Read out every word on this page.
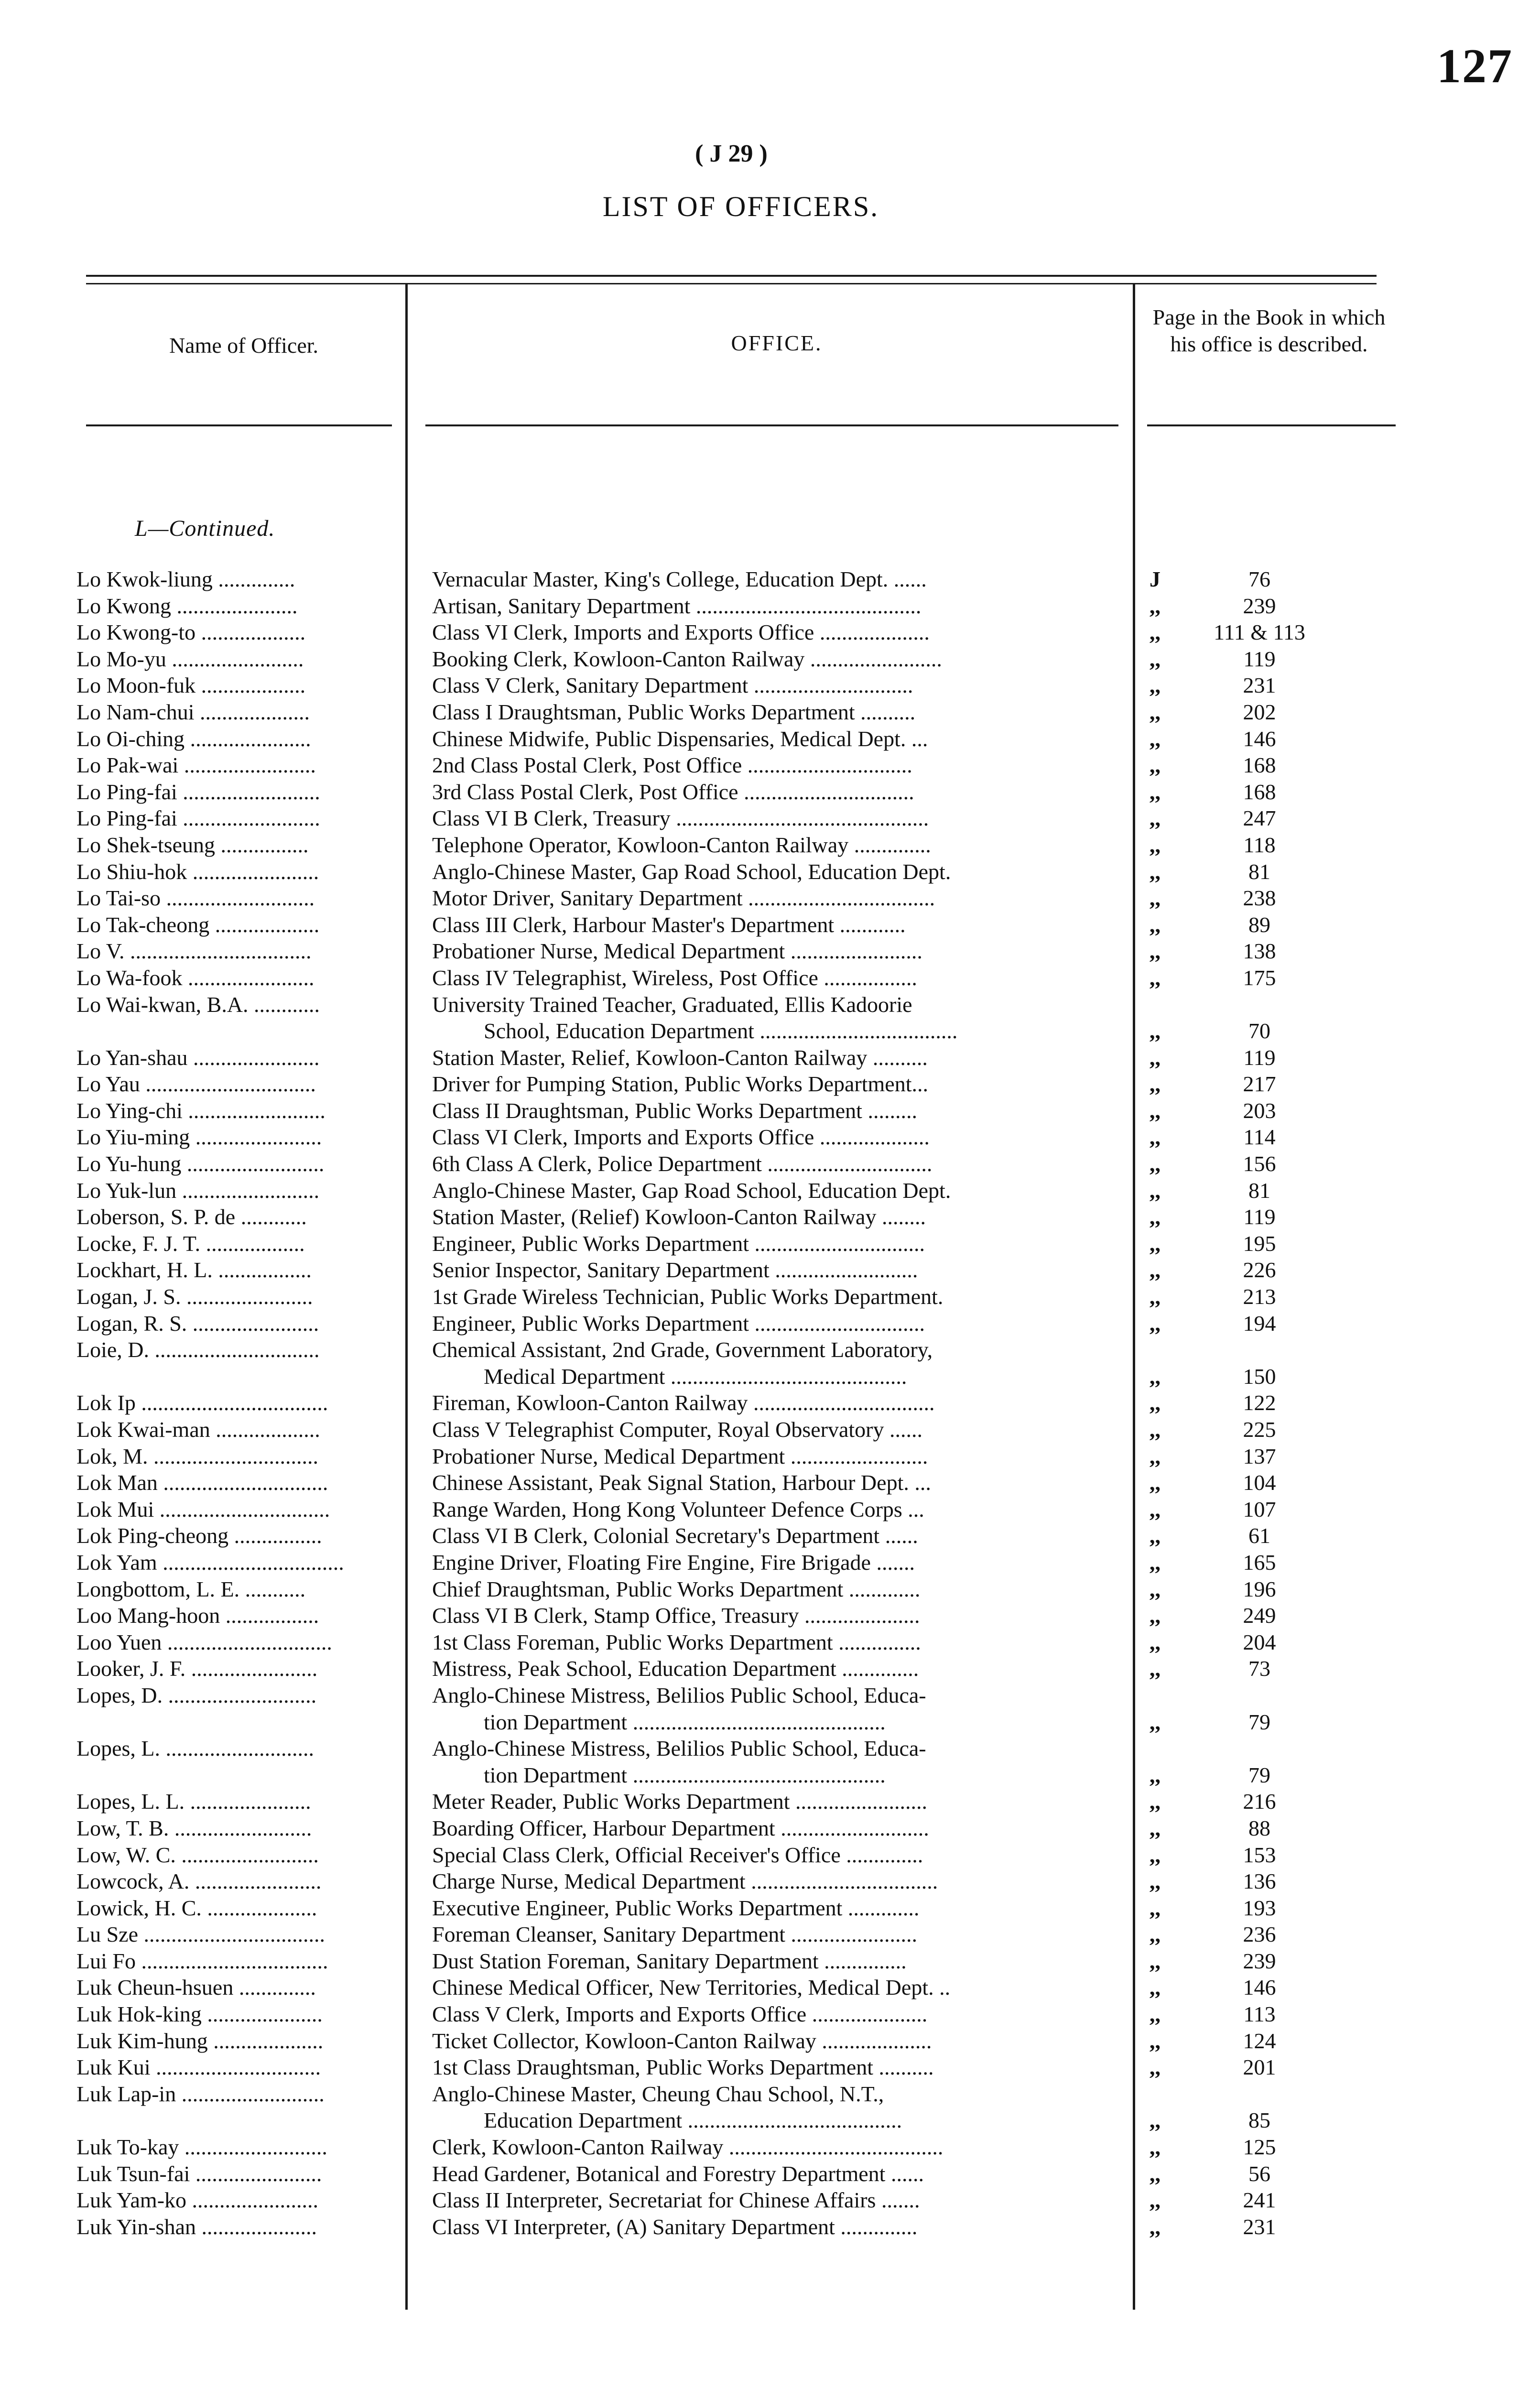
127
( J 29 )
LIST OF OFFICERS.
Name of Officer.	OFFICE.
Page in the Book in which his office is described.
L—Continued.
Lo Kwok-liung ..............	Vernacular Master, King's College, Education Dept. ......	J	76
Lo Kwong ......................	Artisan, Sanitary Department .........................................	,,	239
Lo Kwong-to ...................	Class VI Clerk, Imports and Exports Office ....................	,,	111 & 113
Lo Mo-yu ........................	Booking Clerk, Kowloon-Canton Railway ........................	,,	119
Lo Moon-fuk ...................	Class V Clerk, Sanitary Department .............................	,,	231
Lo Nam-chui ....................	Class I Draughtsman, Public Works Department ..........	,,	202
Lo Oi-ching ......................	Chinese Midwife, Public Dispensaries, Medical Dept. ...	,,	146
Lo Pak-wai ........................	2nd Class Postal Clerk, Post Office ..............................	,,	168
Lo Ping-fai .........................	3rd Class Postal Clerk, Post Office ...............................	,,	168
Lo Ping-fai .........................	Class VI B Clerk, Treasury ..............................................	,,	247
Lo Shek-tseung ................	Telephone Operator, Kowloon-Canton Railway ..............	,,	118
Lo Shiu-hok .......................	Anglo-Chinese Master, Gap Road School, Education Dept.	,,	81
Lo Tai-so ...........................	Motor Driver, Sanitary Department ..................................	,,	238
Lo Tak-cheong ...................	Class III Clerk, Harbour Master's Department ............	,,	89
Lo V. .................................	Probationer Nurse, Medical Department ........................	,,	138
Lo Wa-fook .......................	Class IV Telegraphist, Wireless, Post Office .................	,,	175
Lo Wai-kwan, B.A. ............	University Trained Teacher, Graduated, Ellis Kadoorie
School, Education Department ....................................	,,	70
Lo Yan-shau .......................	Station Master, Relief, Kowloon-Canton Railway ..........	,,	119
Lo Yau ...............................	Driver for Pumping Station, Public Works Department...	,,	217
Lo Ying-chi .........................	Class II Draughtsman, Public Works Department .........	,,	203
Lo Yiu-ming .......................	Class VI Clerk, Imports and Exports Office ....................	,,	114
Lo Yu-hung .........................	6th Class A Clerk, Police Department ..............................	,,	156
Lo Yuk-lun .........................	Anglo-Chinese Master, Gap Road School, Education Dept.	,,	81
Loberson, S. P. de ............	Station Master, (Relief) Kowloon-Canton Railway ........	,,	119
Locke, F. J. T. ..................	Engineer, Public Works Department ...............................	,,	195
Lockhart, H. L. .................	Senior Inspector, Sanitary Department ..........................	,,	226
Logan, J. S. .......................	1st Grade Wireless Technician, Public Works Department.	,,	213
Logan, R. S. .......................	Engineer, Public Works Department ...............................	,,	194
Loie, D. ..............................	Chemical Assistant, 2nd Grade, Government Laboratory,
Medical Department ...........................................	,,	150
Lok Ip ..................................	Fireman, Kowloon-Canton Railway .................................	,,	122
Lok Kwai-man ...................	Class V Telegraphist Computer, Royal Observatory ......	,,	225
Lok, M. ..............................	Probationer Nurse, Medical Department .........................	,,	137
Lok Man ..............................	Chinese Assistant, Peak Signal Station, Harbour Dept. ...	,,	104
Lok Mui ...............................	Range Warden, Hong Kong Volunteer Defence Corps ...	,,	107
Lok Ping-cheong ................	Class VI B Clerk, Colonial Secretary's Department ......	,,	61
Lok Yam .................................	Engine Driver, Floating Fire Engine, Fire Brigade .......	,,	165
Longbottom, L. E. ...........	Chief Draughtsman, Public Works Department .............	,,	196
Loo Mang-hoon .................	Class VI B Clerk, Stamp Office, Treasury .....................	,,	249
Loo Yuen ..............................	1st Class Foreman, Public Works Department ...............	,,	204
Looker, J. F. .......................	Mistress, Peak School, Education Department ..............	,,	73
Lopes, D. ...........................	Anglo-Chinese Mistress, Belilios Public School, Educa-
tion Department ..............................................	,,	79
Lopes, L. ...........................	Anglo-Chinese Mistress, Belilios Public School, Educa-
tion Department ..............................................	,,	79
Lopes, L. L. ......................	Meter Reader, Public Works Department ........................	,,	216
Low, T. B. .........................	Boarding Officer, Harbour Department ...........................	,,	88
Low, W. C. .........................	Special Class Clerk, Official Receiver's Office ..............	,,	153
Lowcock, A. .......................	Charge Nurse, Medical Department ..................................	,,	136
Lowick, H. C. ....................	Executive Engineer, Public Works Department .............	,,	193
Lu Sze .................................	Foreman Cleanser, Sanitary Department .......................	,,	236
Lui Fo ..................................	Dust Station Foreman, Sanitary Department ...............	,,	239
Luk Cheun-hsuen ..............	Chinese Medical Officer, New Territories, Medical Dept. ..	,,	146
Luk Hok-king .....................	Class V Clerk, Imports and Exports Office .....................	,,	113
Luk Kim-hung ....................	Ticket Collector, Kowloon-Canton Railway ....................	,,	124
Luk Kui ..............................	1st Class Draughtsman, Public Works Department ..........	,,	201
Luk Lap-in ..........................	Anglo-Chinese Master, Cheung Chau School, N.T.,
Education Department .......................................	,,	85
Luk To-kay ..........................	Clerk, Kowloon-Canton Railway .......................................	,,	125
Luk Tsun-fai .......................	Head Gardener, Botanical and Forestry Department ......	,,	56
Luk Yam-ko .......................	Class II Interpreter, Secretariat for Chinese Affairs .......	,,	241
Luk Yin-shan .....................	Class VI Interpreter, (A) Sanitary Department ..............	,,	231
